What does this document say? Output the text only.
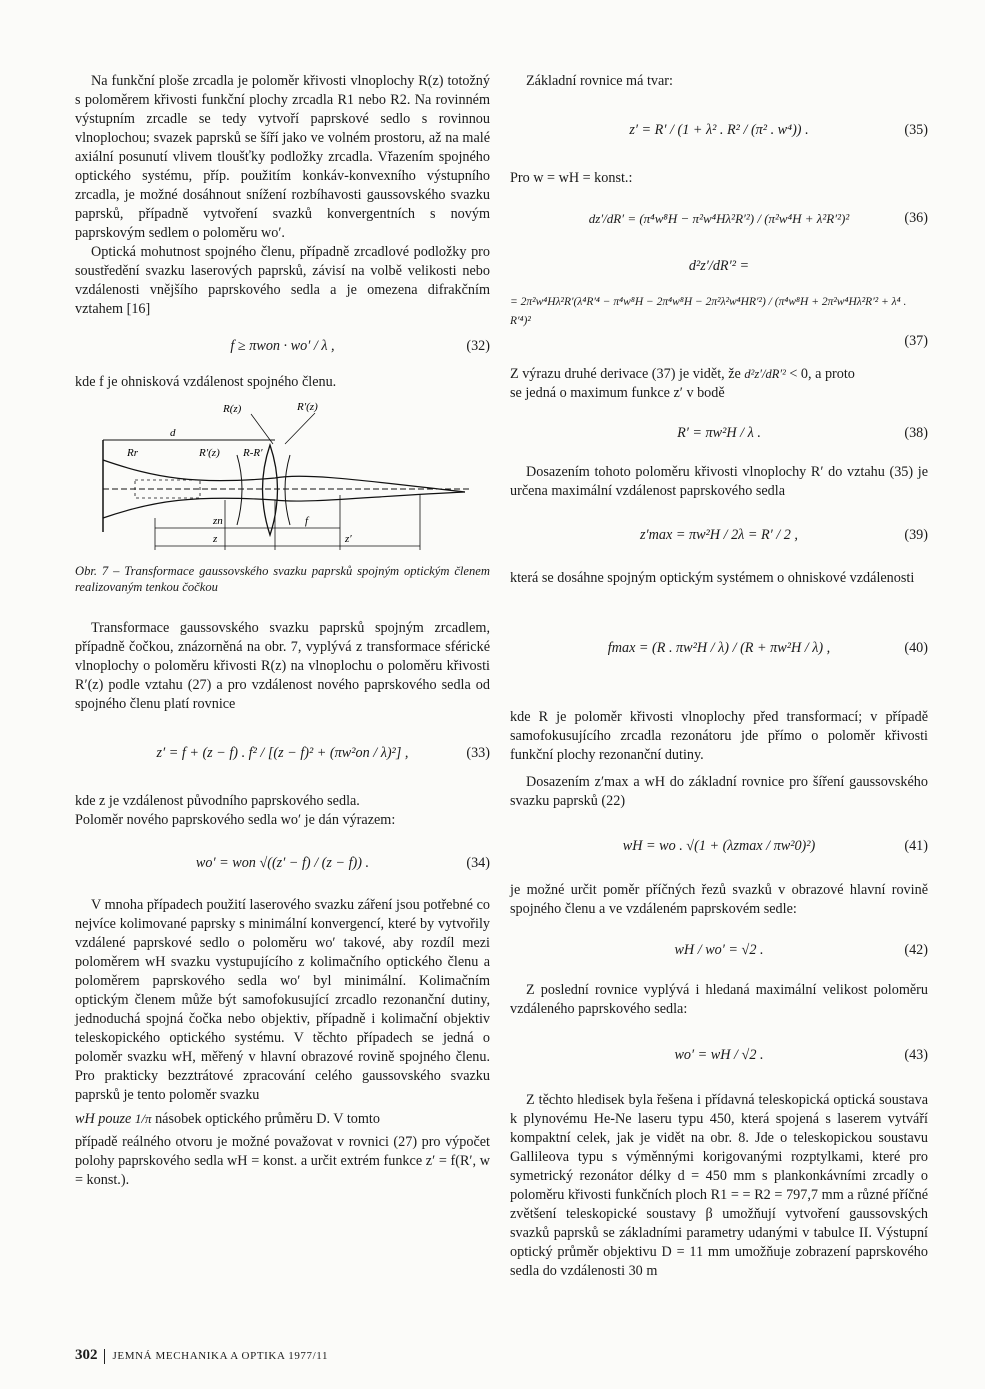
Na funkční ploše zrcadla je poloměr křivosti vlnoplochy R(z) totožný s poloměrem křivosti funkční plochy zrcadla R1 nebo R2. Na rovinném výstupním zrcadle se tedy vytvoří paprskové sedlo s rovinnou vlnoplochou; svazek paprsků se šíří jako ve volném prostoru, až na malé axiální posunutí vlivem tloušťky podložky zrcadla. Vřazením spojného optického systému, příp. použitím konkáv-konvexního výstupního zrcadla, je možné dosáhnout snížení rozbíhavosti gaussovského svazku paprsků, případně vytvoření svazků konvergentních s novým paprskovým sedlem o poloměru wo′.

Optická mohutnost spojného členu, případně zrcadlové podložky pro soustředění svazku laserových paprsků, závisí na volbě velikosti nebo vzdálenosti vnějšího paprskového sedla a je omezena difrakčním vztahem [16]

f ≥ πwon · wo′ / λ ,	(32)

kde f je ohnisková vzdálenost spojného členu.

R(z)	R′(z)
d
Rr	R′(z) R-R′
zn	f
z	z′

Obr. 7 – Transformace gaussovského svazku paprsků spojným optickým členem realizovaným tenkou čočkou

Transformace gaussovského svazku paprsků spojným zrcadlem, případně čočkou, znázorněná na obr. 7, vyplývá z transformace sférické vlnoplochy o poloměru křivosti R(z) na vlnoplochu o poloměru křivosti R′(z) podle vztahu (27) a pro vzdálenost nového paprskového sedla od spojného členu platí rovnice

z′ = f + (z − f) . f² / [(z − f)² + (πw²on / λ)²] ,	(33)

kde z je vzdálenost původního paprskového sedla.

Poloměr nového paprskového sedla wo′ je dán výrazem:

wo′ = won √((z′ − f) / (z − f)) .	(34)

V mnoha případech použití laserového svazku záření jsou potřebné co nejvíce kolimované paprsky s minimální konvergencí, které by vytvořily vzdálené paprskové sedlo o poloměru wo′ takové, aby rozdíl mezi poloměrem wH svazku vystupujícího z kolimačního optického členu a poloměrem paprskového sedla wo′ byl minimální. Kolimačním optickým členem může být samofokusující zrcadlo rezonanční dutiny, jednoduchá spojná čočka nebo objektiv, případně i kolimační objektiv teleskopického optického systému. V těchto případech se jedná o poloměr svazku wH, měřený v hlavní obrazové rovině spojného členu. Pro prakticky bezztrátové zpracování celého gaussovského svazku paprsků je tento poloměr svazku

wH pouze 1/π násobek optického průměru D. V tomto

případě reálného otvoru je možné považovat v rovnici (27) pro výpočet polohy paprskového sedla wH = konst. a určit extrém funkce z′ = f(R′, w = konst.).

Základní rovnice má tvar:

z′ = R′ / (1 + λ² . R² / (π² . w⁴)) .	(35)

Pro w = wH = konst.:

dz′/dR′ = (π⁴w⁸H − π²w⁴Hλ²R′²) / (π²w⁴H + λ²R′²)²	(36)
d²z′/dR′² =
= 2π²w⁴Hλ²R′(λ⁴R′⁴ − π⁴w⁸H − 2π⁴w⁸H − 2π²λ²w⁴HR′²) / (π⁴w⁸H + 2π²w⁴Hλ²R′² + λ⁴ . R′⁴)²

(37)

Z výrazu druhé derivace (37) je vidět, že d²z′/dR′² < 0, a proto

se jedná o maximum funkce z′ v bodě

R′ = πw²H / λ .	(38)

Dosazením tohoto poloměru křivosti vlnoplochy R′ do vztahu (35) je určena maximální vzdálenost paprskového sedla

z′max = πw²H / 2λ = R′ / 2 ,	(39)

která se dosáhne spojným optickým systémem o ohniskové vzdálenosti

fmax = (R . πw²H / λ) / (R + πw²H / λ) ,	(40)

kde R je poloměr křivosti vlnoplochy před transformací; v případě samofokusujícího zrcadla rezonátoru jde přímo o poloměr křivosti funkční plochy rezonanční dutiny.

Dosazením z′max a wH do základní rovnice pro šíření gaussovského svazku paprsků (22)

wH = wo . √(1 + (λzmax / πw²0)²)	(41)

je možné určit poměr příčných řezů svazků v obrazové hlavní rovině spojného členu a ve vzdáleném paprskovém sedle:

wH / wo′ = √2 .	(42)

Z poslední rovnice vyplývá i hledaná maximální velikost poloměru vzdáleného paprskového sedla:

wo′ = wH / √2 .	(43)

Z těchto hledisek byla řešena i přídavná teleskopická optická soustava k plynovému He-Ne laseru typu 450, která spojená s laserem vytváří kompaktní celek, jak je vidět na obr. 8. Jde o teleskopickou soustavu Gallileova typu s výměnnými korigovanými rozptylkami, které pro symetrický rezonátor délky d = 450 mm s plankonkávními zrcadly o poloměru křivosti funkčních ploch R1 = = R2 = 797,7 mm a různé příčné zvětšení teleskopické soustavy β umožňují vytvoření gaussovských svazků paprsků se základními parametry udanými v tabulce II. Výstupní optický průměr objektivu D = 11 mm umožňuje zobrazení paprskového sedla do vzdálenosti 30 m

302 JEMNÁ MECHANIKA A OPTIKA 1977/11
